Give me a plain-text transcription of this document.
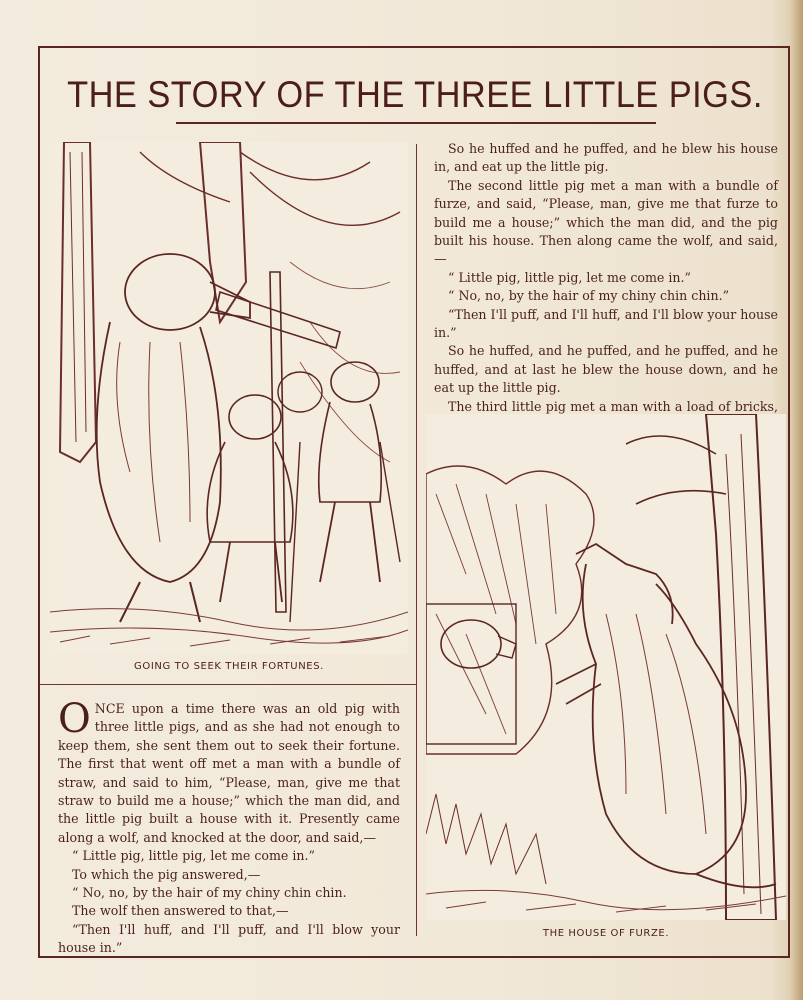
THE STORY OF THE THREE LITTLE PIGS.
GOING TO SEEK THEIR FORTUNES.

ONCE upon a time there was an old pig with three little pigs, and as she had not enough to keep them, she sent them out to seek their fortune. The first that went off met a man with a bundle of straw, and said to him, “Please, man, give me that straw to build me a house;” which the man did, and the little pig built a house with it. Presently came along a wolf, and knocked at the door, and said,—

“ Little pig, little pig, let me come in.”

To which the pig answered,—

“ No, no, by the hair of my chiny chin chin.

The wolf then answered to that,—

“Then I'll huff, and I'll puff, and I'll blow your house in.”

So he huffed and he puffed, and he blew his house in, and eat up the little pig.

The second little pig met a man with a bundle of furze, and said, “Please, man, give me that furze to build me a house;” which the man did, and the pig built his house. Then along came the wolf, and said,—

“ Little pig, little pig, let me come in.”

“ No, no, by the hair of my chiny chin chin.”

“Then I'll puff, and I'll huff, and I'll blow your house in.”

So he huffed, and he puffed, and he puffed, and he huffed, and at last he blew the house down, and he eat up the little pig.

The third little pig met a man with a load of bricks,

THE HOUSE OF FURZE.
